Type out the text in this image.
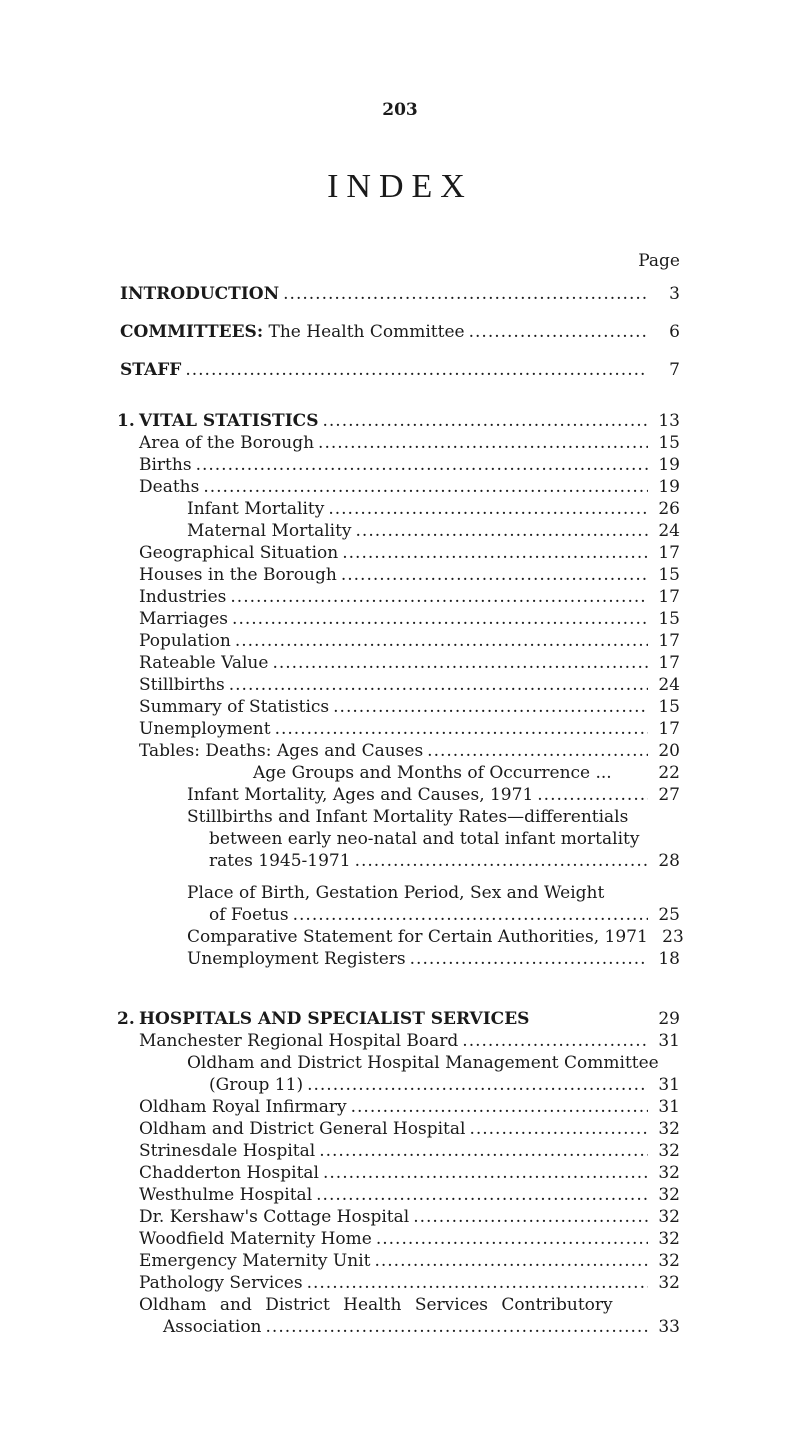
203
INDEX
Page
INTRODUCTION .....	3
COMMITTEES: The Health Committee .....	6
STAFF .....	7
1. VITAL STATISTICS .....	13
Area of the Borough .....	15
Births .....	19
Deaths .....	19
Infant Mortality .....	26
Maternal Mortality .....	24
Geographical Situation .....	17
Houses in the Borough .....	15
Industries .....	17
Marriages .....	15
Population .....	17
Rateable Value .....	17
Stillbirths .....	24
Summary of Statistics .....	15
Unemployment .....	17
Tables: Deaths: Ages and Causes .....	20
Age Groups and Months of Occurrence ...	22
Infant Mortality, Ages and Causes, 1971 .....	27
Stillbirths and Infant Mortality Rates—differentials
between early neo-natal and total infant mortality
rates 1945-1971 .....	28
Place of Birth, Gestation Period, Sex and Weight
of Foetus .....	25
Comparative Statement for Certain Authorities, 1971 23
Unemployment Registers .....	18
2. HOSPITALS AND SPECIALIST SERVICES	29
Manchester Regional Hospital Board .....	31
Oldham and District Hospital Management Committee
(Group 11) .....	31
Oldham Royal Infirmary .....	31
Oldham and District General Hospital .....	32
Strinesdale Hospital .....	32
Chadderton Hospital .....	32
Westhulme Hospital .....	32
Dr. Kershaw's Cottage Hospital .....	32
Woodfield Maternity Home .....	32
Emergency Maternity Unit .....	32
Pathology Services .....	32
Oldham and District Health Services Contributory
Association .....	33
